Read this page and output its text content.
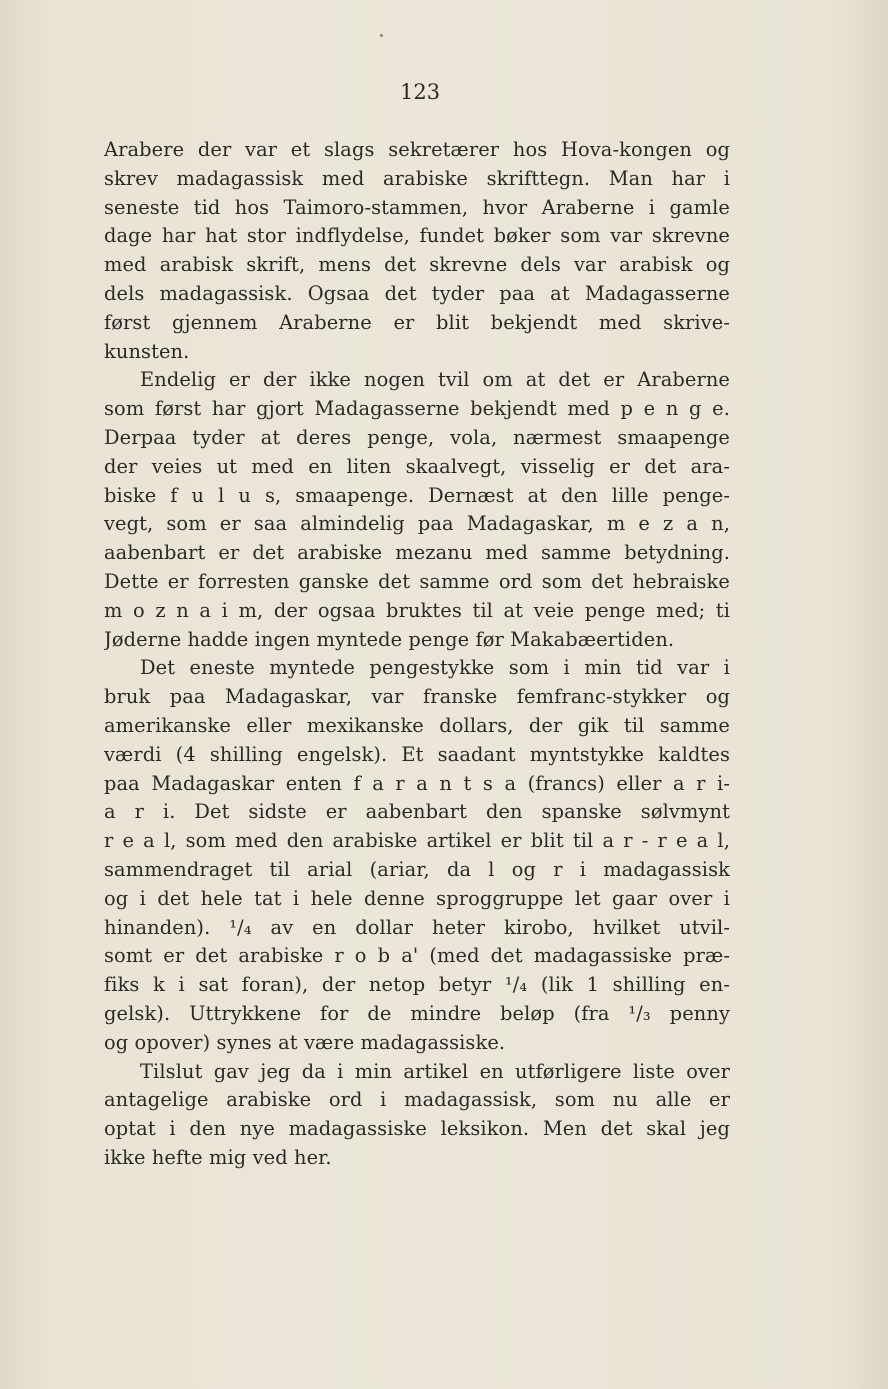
123
Arabere der var et slags sekretærer hos Hova-kongen og
skrev madagassisk med arabiske skrifttegn. Man har i
seneste tid hos Taimoro-stammen, hvor Araberne i gamle
dage har hat stor indflydelse, fundet bøker som var skrevne
med arabisk skrift, mens det skrevne dels var arabisk og
dels madagassisk. Ogsaa det tyder paa at Madagasserne
først gjennem Araberne er blit bekjendt med skrive-
kunsten.
Endelig er der ikke nogen tvil om at det er Araberne
som først har gjort Madagasserne bekjendt med p e n g e.
Derpaa tyder at deres penge, vola, nærmest smaapenge
der veies ut med en liten skaalvegt, visselig er det ara-
biske f u l u s, smaapenge. Dernæst at den lille penge-
vegt, som er saa almindelig paa Madagaskar, m e z a n,
aabenbart er det arabiske mezanu med samme betydning.
Dette er forresten ganske det samme ord som det hebraiske
m o z n a i m, der ogsaa bruktes til at veie penge med; ti
Jøderne hadde ingen myntede penge før Makabæertiden.
Det eneste myntede pengestykke som i min tid var i
bruk paa Madagaskar, var franske femfranc-stykker og
amerikanske eller mexikanske dollars, der gik til samme
værdi (4 shilling engelsk). Et saadant myntstykke kaldtes
paa Madagaskar enten f a r a n t s a (francs) eller a r i-
a r i. Det sidste er aabenbart den spanske sølvmynt
r e a l, som med den arabiske artikel er blit til a r - r e a l,
sammendraget til arial (ariar, da l og r i madagassisk
og i det hele tat i hele denne sproggruppe let gaar over i
hinanden). ¹/₄ av en dollar heter kirobo, hvilket utvil-
somt er det arabiske r o b a' (med det madagassiske præ-
fiks k i sat foran), der netop betyr ¹/₄ (lik 1 shilling en-
gelsk). Uttrykkene for de mindre beløp (fra ¹/₃ penny
og opover) synes at være madagassiske.
Tilslut gav jeg da i min artikel en utførligere liste over
antagelige arabiske ord i madagassisk, som nu alle er
optat i den nye madagassiske leksikon. Men det skal jeg
ikke hefte mig ved her.
